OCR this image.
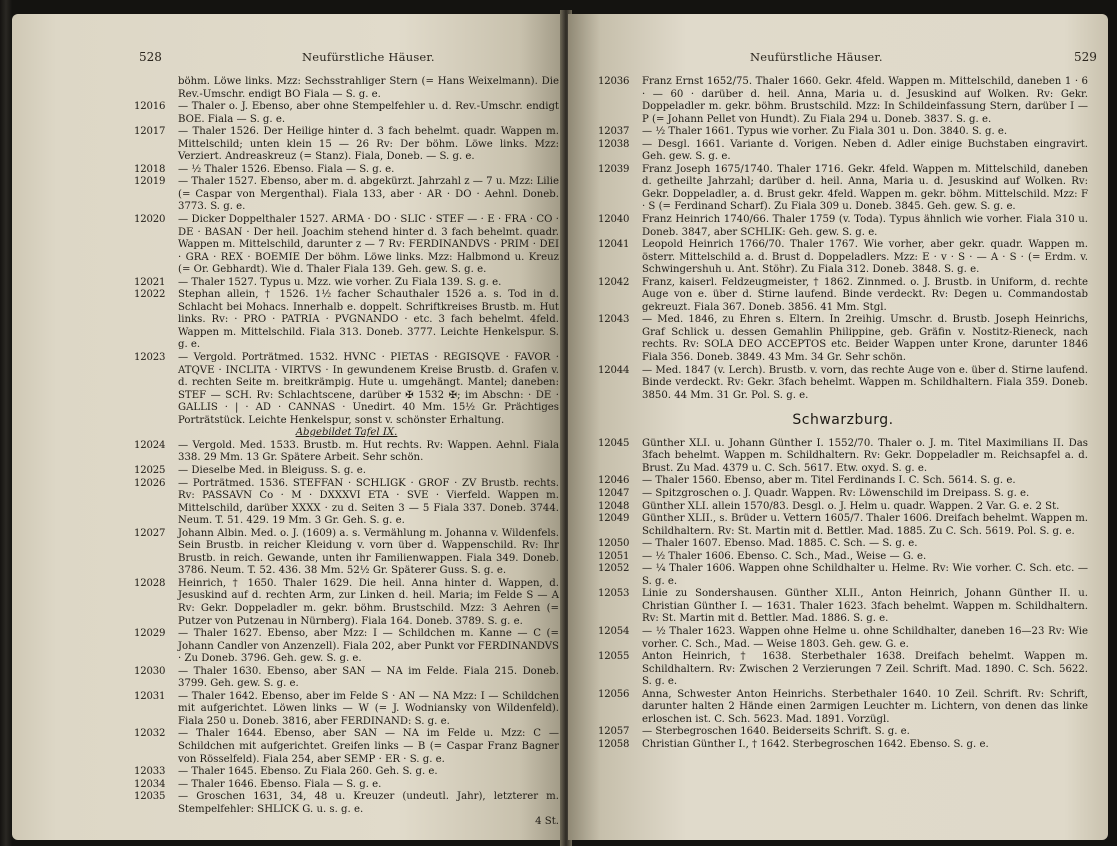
528	Neufürstliche Häuser.
böhm. Löwe links. Mzz: Sechsstrahliger Stern (= Hans Weixelmann). Die Rev.-Umschr. endigt BO Fiala — S. g. e.
12016	— Thaler o. J. Ebenso, aber ohne Stempelfehler u. d. Rev.-Umschr. endigt BOE. Fiala — S. g. e.
12017	— Thaler 1526. Der Heilige hinter d. 3 fach behelmt. quadr. Wappen m. Mittelschild; unten klein 15 — 26 Rv: Der böhm. Löwe links. Mzz: Verziert. Andreaskreuz (= Stanz). Fiala, Doneb. — S. g. e.
12018	— ½ Thaler 1526. Ebenso. Fiala — S. g. e.
12019	— Thaler 1527. Ebenso, aber m. d. abgekürzt. Jahrzahl z — 7 u. Mzz: Lilie (= Caspar von Mergenthal). Fiala 133, aber · AR · DO · Aehnl. Doneb. 3773. S. g. e.
12020	— Dicker Doppelthaler 1527. ARMA · DO · SLIC · STEF — · E · FRA · CO · DE · BASAN · Der heil. Joachim stehend hinter d. 3 fach behelmt. quadr. Wappen m. Mittelschild, darunter z — 7 Rv: FERDINANDVS · PRIM · DEI · GRA · REX · BOEMIE Der böhm. Löwe links. Mzz: Halbmond u. Kreuz (= Or. Gebhardt). Wie d. Thaler Fiala 139. Geh. gew. S. g. e.
12021	— Thaler 1527. Typus u. Mzz. wie vorher. Zu Fiala 139. S. g. e.
12022	Stephan allein, † 1526. 1½ facher Schauthaler 1526 a. s. Tod in d. Schlacht bei Mohacs. Innerhalb e. doppelt. Schriftkreises Brustb. m. Hut links. Rv: · PRO · PATRIA · PVGNANDO · etc. 3 fach behelmt. 4feld. Wappen m. Mittelschild. Fiala 313. Doneb. 3777. Leichte Henkelspur. S. g. e.
12023	— Vergold. Porträtmed. 1532. HVNC · PIETAS · REGISQVE · FAVOR · ATQVE · INCLITA · VIRTVS · In gewundenem Kreise Brustb. d. Grafen v. d. rechten Seite m. breitkrämpig. Hute u. umgehängt. Mantel; daneben: STEF — SCH. Rv: Schlachtscene, darüber ✠ 1532 ✠; im Abschn: · DE · GALLIS · | · AD · CANNAS · Unedirt. 40 Mm. 15½ Gr. Prächtiges Porträtstück. Leichte Henkelspur, sonst v. schönster Erhaltung.
Abgebildet Tafel IX.
12024	— Vergold. Med. 1533. Brustb. m. Hut rechts. Rv: Wappen. Aehnl. Fiala 338. 29 Mm. 13 Gr. Spätere Arbeit. Sehr schön.
12025	— Dieselbe Med. in Bleiguss. S. g. e.
12026	— Porträtmed. 1536. STEFFAN · SCHLIGK · GROF · ZV Brustb. rechts. Rv: PASSAVN Co · M · DXXXVI ETA · SVE · Vierfeld. Wappen m. Mittelschild, darüber XXXX · zu d. Seiten 3 — 5 Fiala 337. Doneb. 3744. Neum. T. 51. 429. 19 Mm. 3 Gr. Geh. S. g. e.
12027	Johann Albin. Med. o. J. (1609) a. s. Vermählung m. Johanna v. Wildenfels. Sein Brustb. in reicher Kleidung v. vorn über d. Wappenschild. Rv: Ihr Brustb. in reich. Gewande, unten ihr Familienwappen. Fiala 349. Doneb. 3786. Neum. T. 52. 436. 38 Mm. 52½ Gr. Späterer Guss. S. g. e.
12028	Heinrich, † 1650. Thaler 1629. Die heil. Anna hinter d. Wappen, d. Jesuskind auf d. rechten Arm, zur Linken d. heil. Maria; im Felde S — A Rv: Gekr. Doppeladler m. gekr. böhm. Brustschild. Mzz: 3 Aehren (= Putzer von Putzenau in Nürnberg). Fiala 164. Doneb. 3789. S. g. e.
12029	— Thaler 1627. Ebenso, aber Mzz: I — Schildchen m. Kanne — C (= Johann Candler von Anzenzell). Fiala 202, aber Punkt vor FERDINANDVS · Zu Doneb. 3796. Geh. gew. S. g. e.
12030	— Thaler 1630. Ebenso, aber SAN — NA im Felde. Fiala 215. Doneb. 3799. Geh. gew. S. g. e.
12031	— Thaler 1642. Ebenso, aber im Felde S · AN — NA Mzz: I — Schildchen mit aufgerichtet. Löwen links — W (= J. Wodniansky von Wildenfeld). Fiala 250 u. Doneb. 3816, aber FERDINAND: S. g. e.
12032	— Thaler 1644. Ebenso, aber SAN — NA im Felde u. Mzz: C — Schildchen mit aufgerichtet. Greifen links — B (= Caspar Franz Bagner von Rösselfeld). Fiala 254, aber SEMP · ER · S. g. e.
12033	— Thaler 1645. Ebenso. Zu Fiala 260. Geh. S. g. e.
12034	— Thaler 1646. Ebenso. Fiala — S. g. e.
12035	— Groschen 1631, 34, 48 u. Kreuzer (undeutl. Jahr), letzterer m. Stempelfehler: SHLICK G. u. s. g. e.
4 St.
Neufürstliche Häuser.	529
12036	Franz Ernst 1652/75. Thaler 1660. Gekr. 4feld. Wappen m. Mittelschild, daneben 1 · 6 · — 60 · darüber d. heil. Anna, Maria u. d. Jesuskind auf Wolken. Rv: Gekr. Doppeladler m. gekr. böhm. Brustschild. Mzz: In Schildeinfassung Stern, darüber I — P (= Johann Pellet von Hundt). Zu Fiala 294 u. Doneb. 3837. S. g. e.
12037	— ½ Thaler 1661. Typus wie vorher. Zu Fiala 301 u. Don. 3840. S. g. e.
12038	— Desgl. 1661. Variante d. Vorigen. Neben d. Adler einige Buchstaben eingravirt. Geh. gew. S. g. e.
12039	Franz Joseph 1675/1740. Thaler 1716. Gekr. 4feld. Wappen m. Mittelschild, daneben d. getheilte Jahrzahl; darüber d. heil. Anna, Maria u. d. Jesuskind auf Wolken. Rv: Gekr. Doppeladler, a. d. Brust gekr. 4feld. Wappen m. gekr. böhm. Mittelschild. Mzz: F · S (= Ferdinand Scharf). Zu Fiala 309 u. Doneb. 3845. Geh. gew. S. g. e.
12040	Franz Heinrich 1740/66. Thaler 1759 (v. Toda). Typus ähnlich wie vorher. Fiala 310 u. Doneb. 3847, aber SCHLIK: Geh. gew. S. g. e.
12041	Leopold Heinrich 1766/70. Thaler 1767. Wie vorher, aber gekr. quadr. Wappen m. österr. Mittelschild a. d. Brust d. Doppeladlers. Mzz: E · v · S · — A · S · (= Erdm. v. Schwingershuh u. Ant. Stöhr). Zu Fiala 312. Doneb. 3848. S. g. e.
12042	Franz, kaiserl. Feldzeugmeister, † 1862. Zinnmed. o. J. Brustb. in Uniform, d. rechte Auge von e. über d. Stirne laufend. Binde verdeckt. Rv: Degen u. Commandostab gekreuzt. Fiala 367. Doneb. 3856. 41 Mm. Stgl.
12043	— Med. 1846, zu Ehren s. Eltern. In 2reihig. Umschr. d. Brustb. Joseph Heinrichs, Graf Schlick u. dessen Gemahlin Philippine, geb. Gräfin v. Nostitz-Rieneck, nach rechts. Rv: SOLA DEO ACCEPTOS etc. Beider Wappen unter Krone, darunter 1846 Fiala 356. Doneb. 3849. 43 Mm. 34 Gr. Sehr schön.
12044	— Med. 1847 (v. Lerch). Brustb. v. vorn, das rechte Auge von e. über d. Stirne laufend. Binde verdeckt. Rv: Gekr. 3fach behelmt. Wappen m. Schildhaltern. Fiala 359. Doneb. 3850. 44 Mm. 31 Gr. Pol. S. g. e.
Schwarzburg.
12045	Günther XLI. u. Johann Günther I. 1552/70. Thaler o. J. m. Titel Maximilians II. Das 3fach behelmt. Wappen m. Schildhaltern. Rv: Gekr. Doppeladler m. Reichsapfel a. d. Brust. Zu Mad. 4379 u. C. Sch. 5617. Etw. oxyd. S. g. e.
12046	— Thaler 1560. Ebenso, aber m. Titel Ferdinands I. C. Sch. 5614. S. g. e.
12047	— Spitzgroschen o. J. Quadr. Wappen. Rv: Löwenschild im Dreipass. S. g. e.
12048	Günther XLI. allein 1570/83. Desgl. o. J. Helm u. quadr. Wappen. 2 Var. G. e. 2 St.
12049	Günther XLII., s. Brüder u. Vettern 1605/7. Thaler 1606. Dreifach behelmt. Wappen m. Schildhaltern. Rv: St. Martin mit d. Bettler. Mad. 1885. Zu C. Sch. 5619. Pol. S. g. e.
12050	— Thaler 1607. Ebenso. Mad. 1885. C. Sch. — S. g. e.
12051	— ½ Thaler 1606. Ebenso. C. Sch., Mad., Weise — G. e.
12052	— ¼ Thaler 1606. Wappen ohne Schildhalter u. Helme. Rv: Wie vorher. C. Sch. etc. — S. g. e.
12053	Linie zu Sondershausen. Günther XLII., Anton Heinrich, Johann Günther II. u. Christian Günther I. — 1631. Thaler 1623. 3fach behelmt. Wappen m. Schildhaltern. Rv: St. Martin mit d. Bettler. Mad. 1886. S. g. e.
12054	— ½ Thaler 1623. Wappen ohne Helme u. ohne Schildhalter, daneben 16—23 Rv: Wie vorher. C. Sch., Mad. — Weise 1803. Geh. gew. G. e.
12055	Anton Heinrich, † 1638. Sterbethaler 1638. Dreifach behelmt. Wappen m. Schildhaltern. Rv: Zwischen 2 Verzierungen 7 Zeil. Schrift. Mad. 1890. C. Sch. 5622. S. g. e.
12056	Anna, Schwester Anton Heinrichs. Sterbethaler 1640. 10 Zeil. Schrift. Rv: Schrift, darunter halten 2 Hände einen 2armigen Leuchter m. Lichtern, von denen das linke erloschen ist. C. Sch. 5623. Mad. 1891. Vorzügl.
12057	— Sterbegroschen 1640. Beiderseits Schrift. S. g. e.
12058	Christian Günther I., † 1642. Sterbegroschen 1642. Ebenso. S. g. e.
